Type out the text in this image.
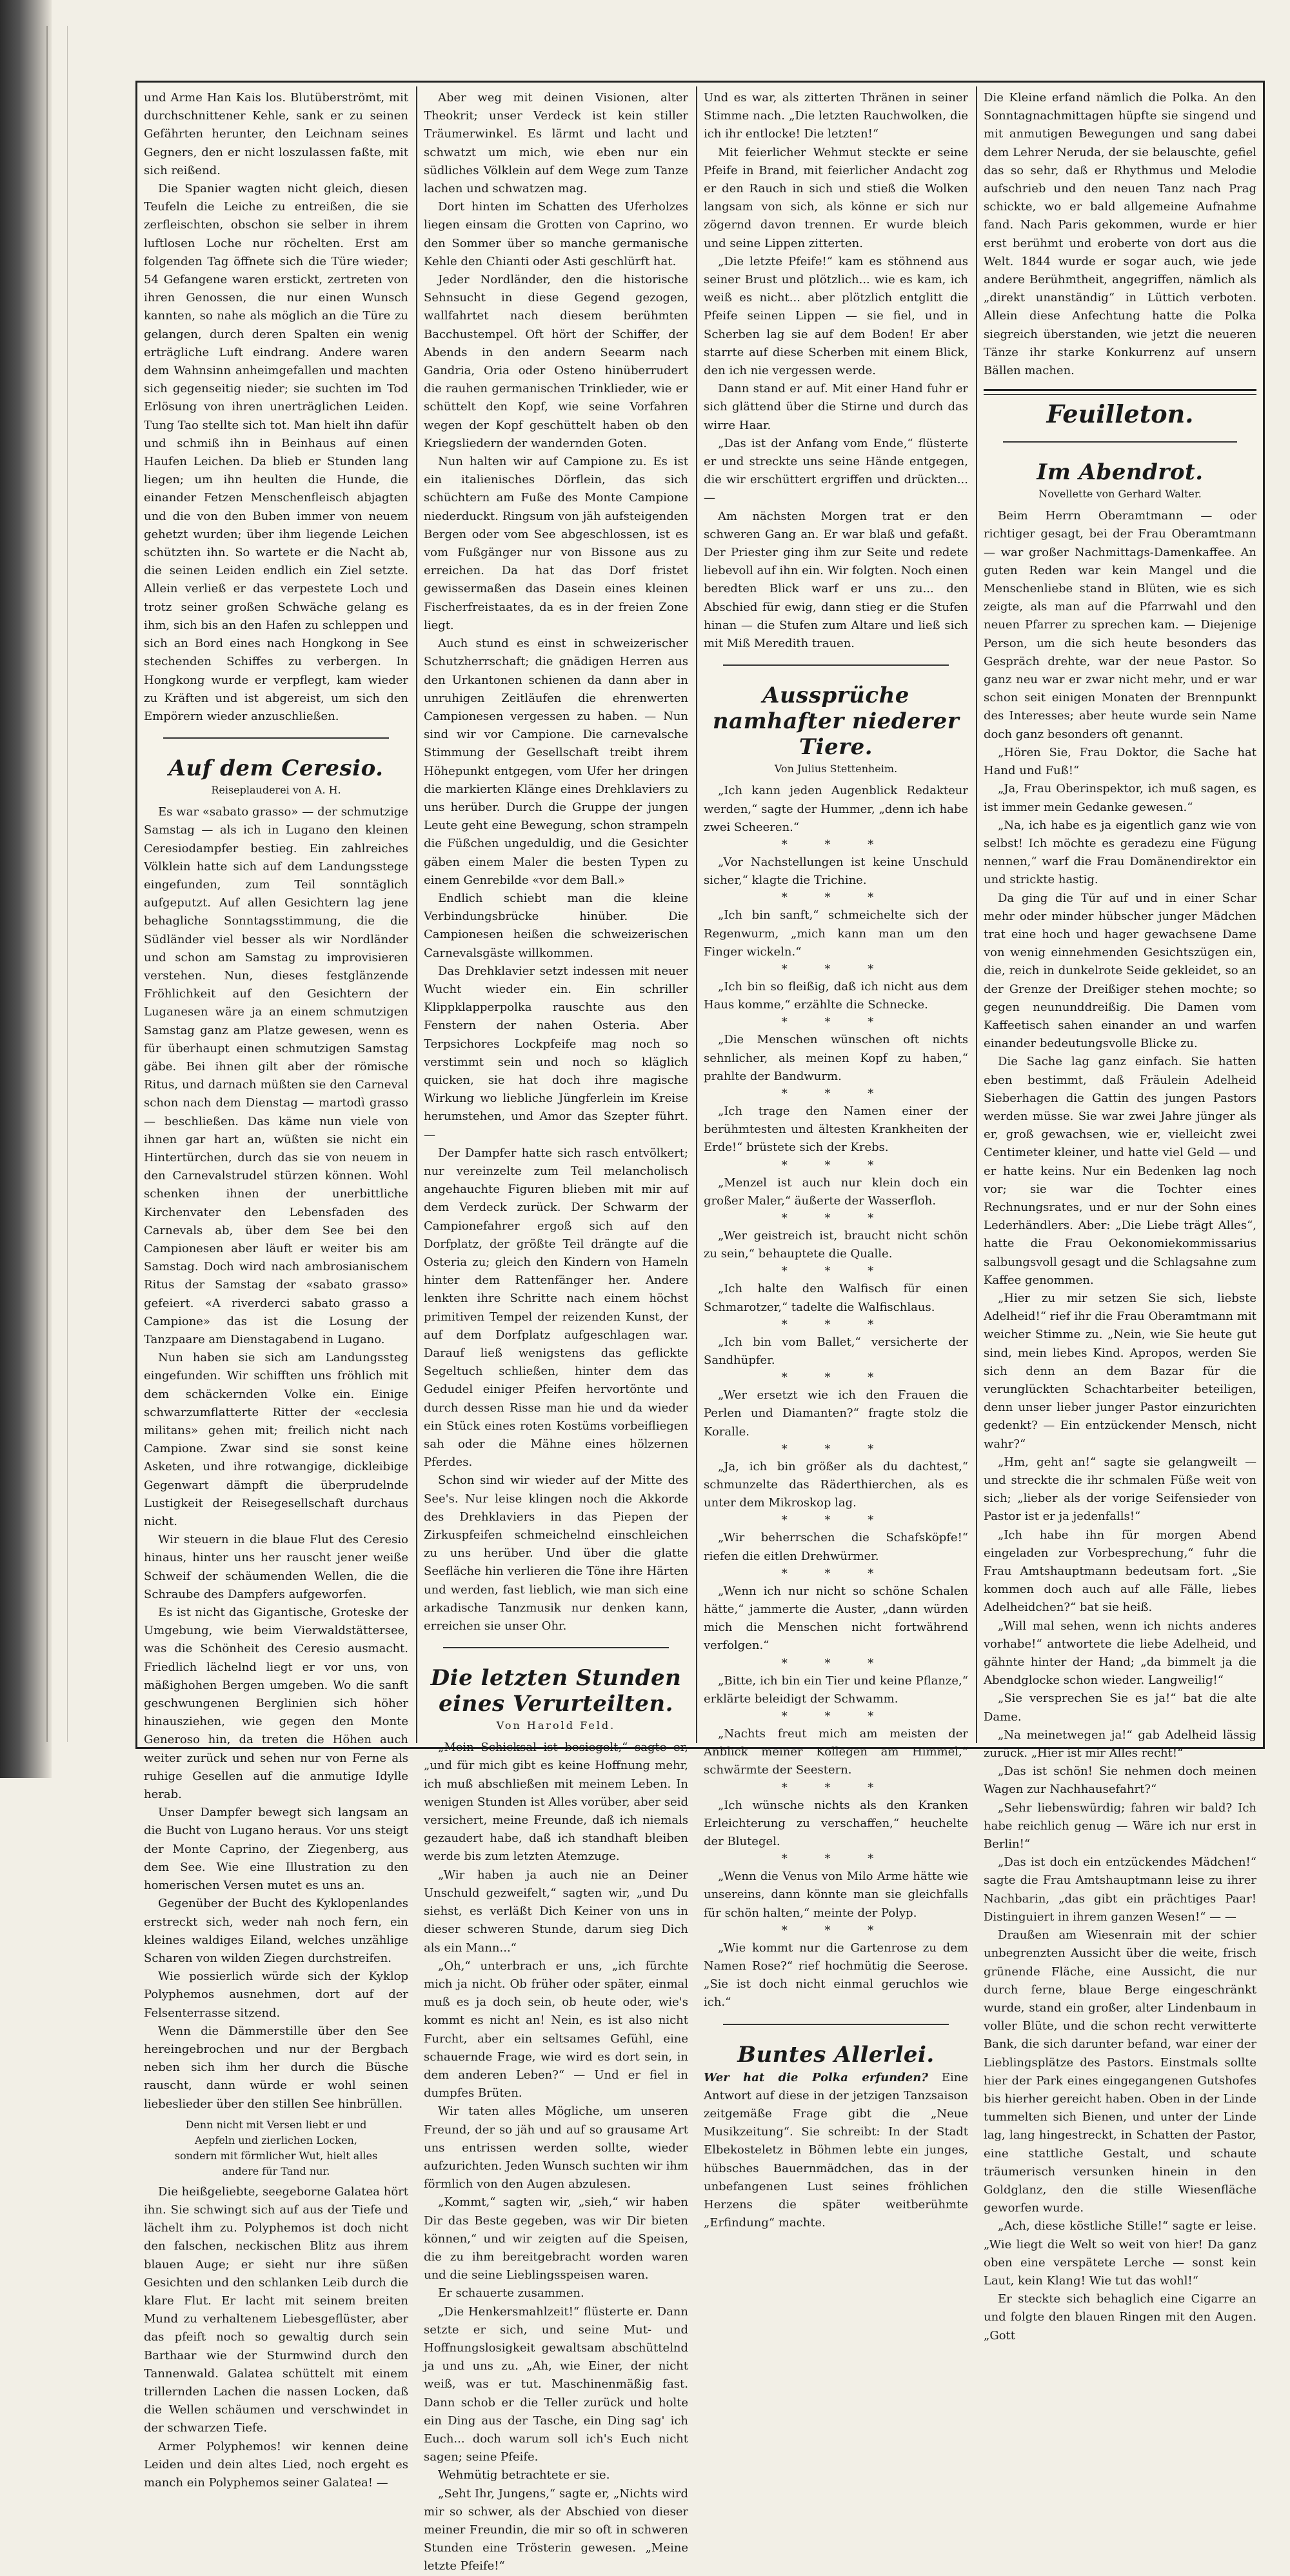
und Arme Han Kais los. Blutüberströmt, mit durchschnittener Kehle, sank er zu seinen Gefährten herunter, den Leichnam seines Gegners, den er nicht loszulassen faßte, mit sich reißend.

Die Spanier wagten nicht gleich, diesen Teufeln die Leiche zu entreißen, die sie zerfleischten, obschon sie selber in ihrem luftlosen Loche nur röchelten. Erst am folgenden Tag öffnete sich die Türe wieder; 54 Gefangene waren erstickt, zertreten von ihren Genossen, die nur einen Wunsch kannten, so nahe als möglich an die Türe zu gelangen, durch deren Spalten ein wenig erträgliche Luft eindrang. Andere waren dem Wahnsinn anheimgefallen und machten sich gegenseitig nieder; sie suchten im Tod Erlösung von ihren unerträglichen Leiden. Tung Tao stellte sich tot. Man hielt ihn dafür und schmiß ihn in Beinhaus auf einen Haufen Leichen. Da blieb er Stunden lang liegen; um ihn heulten die Hunde, die einander Fetzen Menschenfleisch abjagten und die von den Buben immer von neuem gehetzt wurden; über ihm liegende Leichen schützten ihn. So wartete er die Nacht ab, die seinen Leiden endlich ein Ziel setzte. Allein verließ er das verpestete Loch und trotz seiner großen Schwäche gelang es ihm, sich bis an den Hafen zu schleppen und sich an Bord eines nach Hongkong in See stechenden Schiffes zu verbergen. In Hongkong wurde er verpflegt, kam wieder zu Kräften und ist abgereist, um sich den Empörern wieder anzuschließen.

Auf dem Ceresio.
Reiseplauderei von A. H.

Es war «sabato grasso» — der schmutzige Samstag — als ich in Lugano den kleinen Ceresiodampfer bestieg. Ein zahlreiches Völklein hatte sich auf dem Landungsstege eingefunden, zum Teil sonntäglich aufgeputzt. Auf allen Gesichtern lag jene behagliche Sonntagsstimmung, die die Südländer viel besser als wir Nordländer und schon am Samstag zu improvisieren verstehen. Nun, dieses festglänzende Fröhlichkeit auf den Gesichtern der Luganesen wäre ja an einem schmutzigen Samstag ganz am Platze gewesen, wenn es für überhaupt einen schmutzigen Samstag gäbe. Bei ihnen gilt aber der römische Ritus, und darnach müßten sie den Carneval schon nach dem Dienstag — martodì grasso — beschließen. Das käme nun viele von ihnen gar hart an, wüßten sie nicht ein Hintertürchen, durch das sie von neuem in den Carnevalstrudel stürzen können. Wohl schenken ihnen der unerbittliche Kirchenvater den Lebensfaden des Carnevals ab, über dem See bei den Campionesen aber läuft er weiter bis am Samstag. Doch wird nach ambrosianischem Ritus der Samstag der «sabato grasso» gefeiert. «A riverderci sabato grasso a Campione» das ist die Losung der Tanzpaare am Dienstagabend in Lugano.

Nun haben sie sich am Landungssteg eingefunden. Wir schifften uns fröhlich mit dem schäckernden Volke ein. Einige schwarzumflatterte Ritter der «ecclesia militans» gehen mit; freilich nicht nach Campione. Zwar sind sie sonst keine Asketen, und ihre rotwangige, dickleibige Gegenwart dämpft die überprudelnde Lustigkeit der Reisegesellschaft durchaus nicht.

Wir steuern in die blaue Flut des Ceresio hinaus, hinter uns her rauscht jener weiße Schweif der schäumenden Wellen, die die Schraube des Dampfers aufgeworfen.

Es ist nicht das Gigantische, Groteske der Umgebung, wie beim Vierwaldstättersee, was die Schönheit des Ceresio ausmacht. Friedlich lächelnd liegt er vor uns, von mäßighohen Bergen umgeben. Wo die sanft geschwungenen Berglinien sich höher hinausziehen, wie gegen den Monte Generoso hin, da treten die Höhen auch weiter zurück und sehen nur von Ferne als ruhige Gesellen auf die anmutige Idylle herab.

Unser Dampfer bewegt sich langsam an die Bucht von Lugano heraus. Vor uns steigt der Monte Caprino, der Ziegenberg, aus dem See. Wie eine Illustration zu den homerischen Versen mutet es uns an.

Gegenüber der Bucht des Kyklopenlandes erstreckt sich, weder nah noch fern, ein kleines waldiges Eiland, welches unzählige Scharen von wilden Ziegen durchstreifen.

Wie possierlich würde sich der Kyklop Polyphemos ausnehmen, dort auf der Felsenterrasse sitzend.

Wenn die Dämmerstille über den See hereingebrochen und nur der Bergbach neben sich ihm her durch die Büsche rauscht, dann würde er wohl seinen liebeslieder über den stillen See hinbrüllen.

Denn nicht mit Versen liebt er und
Aepfeln und zierlichen Locken,
sondern mit förmlicher Wut, hielt alles
andere für Tand nur.

Die heißgeliebte, seegeborne Galatea hört ihn. Sie schwingt sich auf aus der Tiefe und lächelt ihm zu. Polyphemos ist doch nicht den falschen, neckischen Blitz aus ihrem blauen Auge; er sieht nur ihre süßen Gesichten und den schlanken Leib durch die klare Flut. Er lacht mit seinem breiten Mund zu verhaltenem Liebesgeflüster, aber das pfeift noch so gewaltig durch sein Barthaar wie der Sturmwind durch den Tannenwald. Galatea schüttelt mit einem trillernden Lachen die nassen Locken, daß die Wellen schäumen und verschwindet in der schwarzen Tiefe.

Armer Polyphemos! wir kennen deine Leiden und dein altes Lied, noch ergeht es manch ein Polyphemos seiner Galatea! —

Aber weg mit deinen Visionen, alter Theokrit; unser Verdeck ist kein stiller Träumerwinkel. Es lärmt und lacht und schwatzt um mich, wie eben nur ein südliches Völklein auf dem Wege zum Tanze lachen und schwatzen mag.

Dort hinten im Schatten des Uferholzes liegen einsam die Grotten von Caprino, wo den Sommer über so manche germanische Kehle den Chianti oder Asti geschlürft hat.

Jeder Nordländer, den die historische Sehnsucht in diese Gegend gezogen, wallfahrtet nach diesem berühmten Bacchustempel. Oft hört der Schiffer, der Abends in den andern Seearm nach Gandria, Oria oder Osteno hinüberrudert die rauhen germanischen Trinklieder, wie er schüttelt den Kopf, wie seine Vorfahren wegen der Kopf geschüttelt haben ob den Kriegsliedern der wandernden Goten.

Nun halten wir auf Campione zu. Es ist ein italienisches Dörflein, das sich schüchtern am Fuße des Monte Campione niederduckt. Ringsum von jäh aufsteigenden Bergen oder vom See abgeschlossen, ist es vom Fußgänger nur von Bissone aus zu erreichen. Da hat das Dorf fristet gewissermaßen das Dasein eines kleinen Fischerfreistaates, da es in der freien Zone liegt.

Auch stund es einst in schweizerischer Schutzherrschaft; die gnädigen Herren aus den Urkantonen schienen da dann aber in unruhigen Zeitläufen die ehrenwerten Campionesen vergessen zu haben. — Nun sind wir vor Campione. Die carnevalsche Stimmung der Gesellschaft treibt ihrem Höhepunkt entgegen, vom Ufer her dringen die markierten Klänge eines Drehklaviers zu uns herüber. Durch die Gruppe der jungen Leute geht eine Bewegung, schon strampeln die Füßchen ungeduldig, und die Gesichter gäben einem Maler die besten Typen zu einem Genrebilde «vor dem Ball.»

Endlich schiebt man die kleine Verbindungsbrücke hinüber. Die Campionesen heißen die schweizerischen Carnevalsgäste willkommen.

Das Drehklavier setzt indessen mit neuer Wucht wieder ein. Ein schriller Klippklapperpolka rauschte aus den Fenstern der nahen Osteria. Aber Terpsichores Lockpfeife mag noch so verstimmt sein und noch so kläglich quicken, sie hat doch ihre magische Wirkung wo liebliche Jüngferlein im Kreise herumstehen, und Amor das Szepter führt. —

Der Dampfer hatte sich rasch entvölkert; nur vereinzelte zum Teil melancholisch angehauchte Figuren blieben mit mir auf dem Verdeck zurück. Der Schwarm der Campionefahrer ergoß sich auf den Dorfplatz, der größte Teil drängte auf die Osteria zu; gleich den Kindern von Hameln hinter dem Rattenfänger her. Andere lenkten ihre Schritte nach einem höchst primitiven Tempel der reizenden Kunst, der auf dem Dorfplatz aufgeschlagen war. Darauf ließ wenigstens das geflickte Segeltuch schließen, hinter dem das Gedudel einiger Pfeifen hervortönte und durch dessen Risse man hie und da wieder ein Stück eines roten Kostüms vorbeifliegen sah oder die Mähne eines hölzernen Pferdes.

Schon sind wir wieder auf der Mitte des See's. Nur leise klingen noch die Akkorde des Drehklaviers in das Piepen der Zirkuspfeifen schmeichelnd einschleichen zu uns herüber. Und über die glatte Seefläche hin verlieren die Töne ihre Härten und werden, fast lieblich, wie man sich eine arkadische Tanzmusik nur denken kann, erreichen sie unser Ohr.

Die letzten Stunden eines Verurteilten.
Von Harold Feld.

„Mein Schicksal ist besiegelt,“ sagte er, „und für mich gibt es keine Hoffnung mehr, ich muß abschließen mit meinem Leben. In wenigen Stunden ist Alles vorüber, aber seid versichert, meine Freunde, daß ich niemals gezaudert habe, daß ich standhaft bleiben werde bis zum letzten Atemzuge.

„Wir haben ja auch nie an Deiner Unschuld gezweifelt,“ sagten wir, „und Du siehst, es verläßt Dich Keiner von uns in dieser schweren Stunde, darum sieg Dich als ein Mann...“

„Oh,“ unterbrach er uns, „ich fürchte mich ja nicht. Ob früher oder später, einmal muß es ja doch sein, ob heute oder, wie's kommt es nicht an! Nein, es ist also nicht Furcht, aber ein seltsames Gefühl, eine schauernde Frage, wie wird es dort sein, in dem anderen Leben?“ — Und er fiel in dumpfes Brüten.

Wir taten alles Mögliche, um unseren Freund, der so jäh und auf so grausame Art uns entrissen werden sollte, wieder aufzurichten. Jeden Wunsch suchten wir ihm förmlich von den Augen abzulesen.

„Kommt,“ sagten wir, „sieh,“ wir haben Dir das Beste gegeben, was wir Dir bieten können,“ und wir zeigten auf die Speisen, die zu ihm bereitgebracht worden waren und die seine Lieblingsspeisen waren.

Er schauerte zusammen.

„Die Henkersmahlzeit!“ flüsterte er. Dann setzte er sich, und seine Mut- und Hoffnungslosigkeit gewaltsam abschüttelnd ja und uns zu. „Ah, wie Einer, der nicht weiß, was er tut. Maschinenmäßig fast. Dann schob er die Teller zurück und holte ein Ding aus der Tasche, ein Ding sag' ich Euch... doch warum soll ich's Euch nicht sagen; seine Pfeife.

Wehmütig betrachtete er sie.

„Seht Ihr, Jungens,“ sagte er, „Nichts wird mir so schwer, als der Abschied von dieser meiner Freundin, die mir so oft in schweren Stunden eine Trösterin gewesen. „Meine letzte Pfeife!“

Und es war, als zitterten Thränen in seiner Stimme nach. „Die letzten Rauchwolken, die ich ihr entlocke! Die letzten!“

Mit feierlicher Wehmut steckte er seine Pfeife in Brand, mit feierlicher Andacht zog er den Rauch in sich und stieß die Wolken langsam von sich, als könne er sich nur zögernd davon trennen. Er wurde bleich und seine Lippen zitterten.

„Die letzte Pfeife!“ kam es stöhnend aus seiner Brust und plötzlich... wie es kam, ich weiß es nicht... aber plötzlich entglitt die Pfeife seinen Lippen — sie fiel, und in Scherben lag sie auf dem Boden! Er aber starrte auf diese Scherben mit einem Blick, den ich nie vergessen werde.

Dann stand er auf. Mit einer Hand fuhr er sich glättend über die Stirne und durch das wirre Haar.

„Das ist der Anfang vom Ende,“ flüsterte er und streckte uns seine Hände entgegen, die wir erschüttert ergriffen und drückten... —

Am nächsten Morgen trat er den schweren Gang an. Er war blaß und gefaßt. Der Priester ging ihm zur Seite und redete liebevoll auf ihn ein. Wir folgten. Noch einen beredten Blick warf er uns zu... den Abschied für ewig, dann stieg er die Stufen hinan — die Stufen zum Altare und ließ sich mit Miß Meredith trauen.

Aussprüche namhafter niederer Tiere.
Von Julius Stettenheim.

„Ich kann jeden Augenblick Redakteur werden,“ sagte der Hummer, „denn ich habe zwei Scheeren.“

* * *

„Vor Nachstellungen ist keine Unschuld sicher,“ klagte die Trichine.

* * *

„Ich bin sanft,“ schmeichelte sich der Regenwurm, „mich kann man um den Finger wickeln.“

* * *

„Ich bin so fleißig, daß ich nicht aus dem Haus komme,“ erzählte die Schnecke.

* * *

„Die Menschen wünschen oft nichts sehnlicher, als meinen Kopf zu haben,“ prahlte der Bandwurm.

* * *

„Ich trage den Namen einer der berühmtesten und ältesten Krankheiten der Erde!“ brüstete sich der Krebs.

* * *

„Menzel ist auch nur klein doch ein großer Maler,“ äußerte der Wasserfloh.

* * *

„Wer geistreich ist, braucht nicht schön zu sein,“ behauptete die Qualle.

* * *

„Ich halte den Walfisch für einen Schmarotzer,“ tadelte die Walfischlaus.

* * *

„Ich bin vom Ballet,“ versicherte der Sandhüpfer.

* * *

„Wer ersetzt wie ich den Frauen die Perlen und Diamanten?“ fragte stolz die Koralle.

* * *

„Ja, ich bin größer als du dachtest,“ schmunzelte das Räderthierchen, als es unter dem Mikroskop lag.

* * *

„Wir beherrschen die Schafsköpfe!“ riefen die eitlen Drehwürmer.

* * *

„Wenn ich nur nicht so schöne Schalen hätte,“ jammerte die Auster, „dann würden mich die Menschen nicht fortwährend verfolgen.“

* * *

„Bitte, ich bin ein Tier und keine Pflanze,“ erklärte beleidigt der Schwamm.

* * *

„Nachts freut mich am meisten der Anblick meiner Kollegen am Himmel,“ schwärmte der Seestern.

* * *

„Ich wünsche nichts als den Kranken Erleichterung zu verschaffen,“ heuchelte der Blutegel.

* * *

„Wenn die Venus von Milo Arme hätte wie unsereins, dann könnte man sie gleichfalls für schön halten,“ meinte der Polyp.

* * *

„Wie kommt nur die Gartenrose zu dem Namen Rose?“ rief hochmütig die Seerose. „Sie ist doch nicht einmal geruchlos wie ich.“

Buntes Allerlei.

Wer hat die Polka erfunden? Eine Antwort auf diese in der jetzigen Tanzsaison zeitgemäße Frage gibt die „Neue Musikzeitung“. Sie schreibt: In der Stadt Elbekosteletz in Böhmen lebte ein junges, hübsches Bauernmädchen, das in der unbefangenen Lust seines fröhlichen Herzens die später weitberühmte „Erfindung“ machte.

Die Kleine erfand nämlich die Polka. An den Sonntagnachmittagen hüpfte sie singend und mit anmutigen Bewegungen und sang dabei dem Lehrer Neruda, der sie belauschte, gefiel das so sehr, daß er Rhythmus und Melodie aufschrieb und den neuen Tanz nach Prag schickte, wo er bald allgemeine Aufnahme fand. Nach Paris gekommen, wurde er hier erst berühmt und eroberte von dort aus die Welt. 1844 wurde er sogar auch, wie jede andere Berühmtheit, angegriffen, nämlich als „direkt unanständig“ in Lüttich verboten. Allein diese Anfechtung hatte die Polka siegreich überstanden, wie jetzt die neueren Tänze ihr starke Konkurrenz auf unsern Bällen machen.

Feuilleton.
Im Abendrot.
Novellette von Gerhard Walter.

Beim Herrn Oberamtmann — oder richtiger gesagt, bei der Frau Oberamtmann — war großer Nachmittags-Damenkaffee. An guten Reden war kein Mangel und die Menschenliebe stand in Blüten, wie es sich zeigte, als man auf die Pfarrwahl und den neuen Pfarrer zu sprechen kam. — Diejenige Person, um die sich heute besonders das Gespräch drehte, war der neue Pastor. So ganz neu war er zwar nicht mehr, und er war schon seit einigen Monaten der Brennpunkt des Interesses; aber heute wurde sein Name doch ganz besonders oft genannt.

„Hören Sie, Frau Doktor, die Sache hat Hand und Fuß!“

„Ja, Frau Oberinspektor, ich muß sagen, es ist immer mein Gedanke gewesen.“

„Na, ich habe es ja eigentlich ganz wie von selbst! Ich möchte es geradezu eine Fügung nennen,“ warf die Frau Domänendirektor ein und strickte hastig.

Da ging die Tür auf und in einer Schar mehr oder minder hübscher junger Mädchen trat eine hoch und hager gewachsene Dame von wenig einnehmenden Gesichtszügen ein, die, reich in dunkelrote Seide gekleidet, so an der Grenze der Dreißiger stehen mochte; so gegen neununddreißig. Die Damen vom Kaffeetisch sahen einander an und warfen einander bedeutungsvolle Blicke zu.

Die Sache lag ganz einfach. Sie hatten eben bestimmt, daß Fräulein Adelheid Sieberhagen die Gattin des jungen Pastors werden müsse. Sie war zwei Jahre jünger als er, groß gewachsen, wie er, vielleicht zwei Centimeter kleiner, und hatte viel Geld — und er hatte keins. Nur ein Bedenken lag noch vor; sie war die Tochter eines Rechnungsrates, und er nur der Sohn eines Lederhändlers. Aber: „Die Liebe trägt Alles“, hatte die Frau Oekonomiekommissarius salbungsvoll gesagt und die Schlagsahne zum Kaffee genommen.

„Hier zu mir setzen Sie sich, liebste Adelheid!“ rief ihr die Frau Oberamtmann mit weicher Stimme zu. „Nein, wie Sie heute gut sind, mein liebes Kind. Apropos, werden Sie sich denn an dem Bazar für die verunglückten Schachtarbeiter beteiligen, denn unser lieber junger Pastor einzurichten gedenkt? — Ein entzückender Mensch, nicht wahr?“

„Hm, geht an!“ sagte sie gelangweilt — und streckte die ihr schmalen Füße weit von sich; „lieber als der vorige Seifensieder von Pastor ist er ja jedenfalls!“

„Ich habe ihn für morgen Abend eingeladen zur Vorbesprechung,“ fuhr die Frau Amtshauptmann bedeutsam fort. „Sie kommen doch auch auf alle Fälle, liebes Adelheidchen?“ bat sie heiß.

„Will mal sehen, wenn ich nichts anderes vorhabe!“ antwortete die liebe Adelheid, und gähnte hinter der Hand; „da bimmelt ja die Abendglocke schon wieder. Langweilig!“

„Sie versprechen Sie es ja!“ bat die alte Dame.

„Na meinetwegen ja!“ gab Adelheid lässig zurück. „Hier ist mir Alles recht!“

„Das ist schön! Sie nehmen doch meinen Wagen zur Nachhausefahrt?“

„Sehr liebenswürdig; fahren wir bald? Ich habe reichlich genug — Wäre ich nur erst in Berlin!“

„Das ist doch ein entzückendes Mädchen!“ sagte die Frau Amtshauptmann leise zu ihrer Nachbarin, „das gibt ein prächtiges Paar! Distinguiert in ihrem ganzen Wesen!“ — —

Draußen am Wiesenrain mit der schier unbegrenzten Aussicht über die weite, frisch grünende Fläche, eine Aussicht, die nur durch ferne, blaue Berge eingeschränkt wurde, stand ein großer, alter Lindenbaum in voller Blüte, und die schon recht verwitterte Bank, die sich darunter befand, war einer der Lieblingsplätze des Pastors. Einstmals sollte hier der Park eines eingegangenen Gutshofes bis hierher gereicht haben. Oben in der Linde tummelten sich Bienen, und unter der Linde lag, lang hingestreckt, in Schatten der Pastor, eine stattliche Gestalt, und schaute träumerisch versunken hinein in den Goldglanz, den die stille Wiesenfläche geworfen wurde.

„Ach, diese köstliche Stille!“ sagte er leise. „Wie liegt die Welt so weit von hier! Da ganz oben eine verspätete Lerche — sonst kein Laut, kein Klang! Wie tut das wohl!“

Er steckte sich behaglich eine Cigarre an und folgte den blauen Ringen mit den Augen. „Gott
